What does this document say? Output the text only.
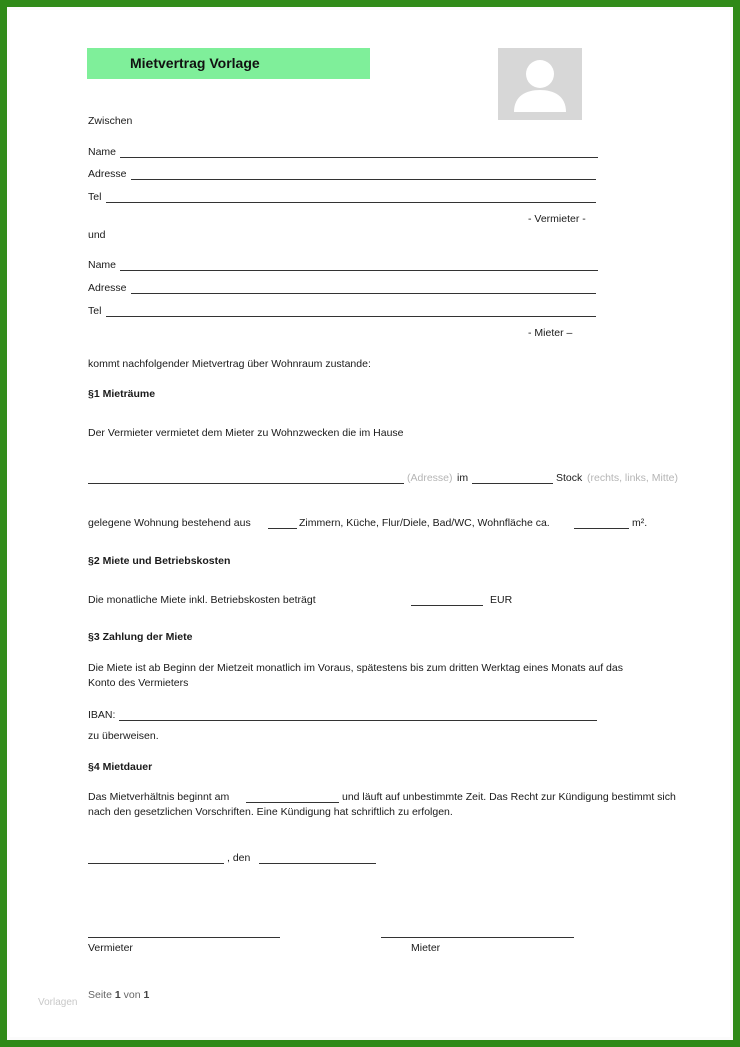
Mietvertrag Vorlage
Zwischen
Name
Adresse
Tel
- Vermieter -
und
Name
Adresse
Tel
- Mieter –
kommt nachfolgender Mietvertrag über Wohnraum zustande:
§1 Mieträume
Der Vermieter vermietet dem Mieter zu Wohnzwecken die im Hause
(Adresse) im	Stock (rechts, links, Mitte)
gelegene Wohnung bestehend aus	Zimmern, Küche, Flur/Diele, Bad/WC, Wohnfläche ca.	m².
§2 Miete und Betriebskosten
Die monatliche Miete inkl. Betriebskosten beträgt	EUR
§3 Zahlung der Miete
Die Miete ist ab Beginn der Mietzeit monatlich im Voraus, spätestens bis zum dritten Werktag eines Monats auf das
Konto des Vermieters
IBAN:
zu überweisen.
§4 Mietdauer
Das Mietverhältnis beginnt am	und läuft auf unbestimmte Zeit. Das Recht zur Kündigung bestimmt sich
nach den gesetzlichen Vorschriften. Eine Kündigung hat schriftlich zu erfolgen.
, den
Vermieter	Mieter
Vorlagen
Seite 1 von 1
